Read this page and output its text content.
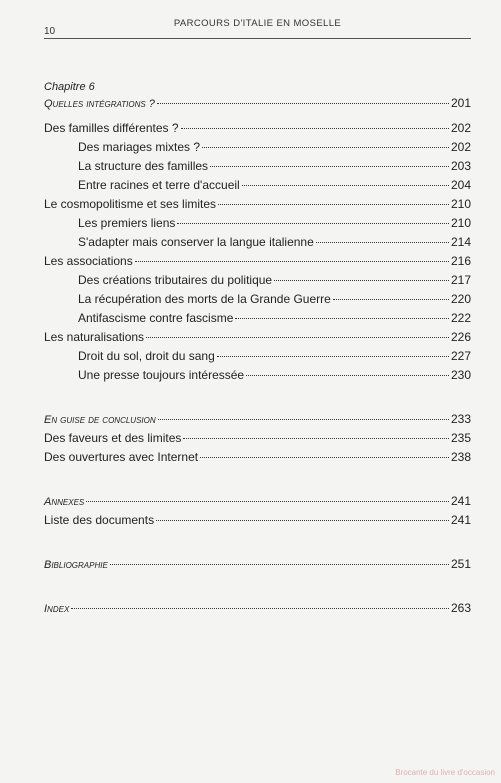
10
PARCOURS D'ITALIE EN MOSELLE
Chapitre 6
Quelles intégrations ?	201
Des familles différentes ?	202
Des mariages mixtes ?	202
La structure des familles	203
Entre racines et terre d'accueil	204
Le cosmopolitisme et ses limites	210
Les premiers liens	210
S'adapter mais conserver la langue italienne	214
Les associations	216
Des créations tributaires du politique	217
La récupération des morts de la Grande Guerre	220
Antifascisme contre fascisme	222
Les naturalisations	226
Droit du sol, droit du sang	227
Une presse toujours intéressée	230
En guise de conclusion	233
Des faveurs et des limites	235
Des ouvertures avec Internet	238
Annexes	241
Liste des documents	241
Bibliographie	251
Index	263
Brocante du livre d'occasion
